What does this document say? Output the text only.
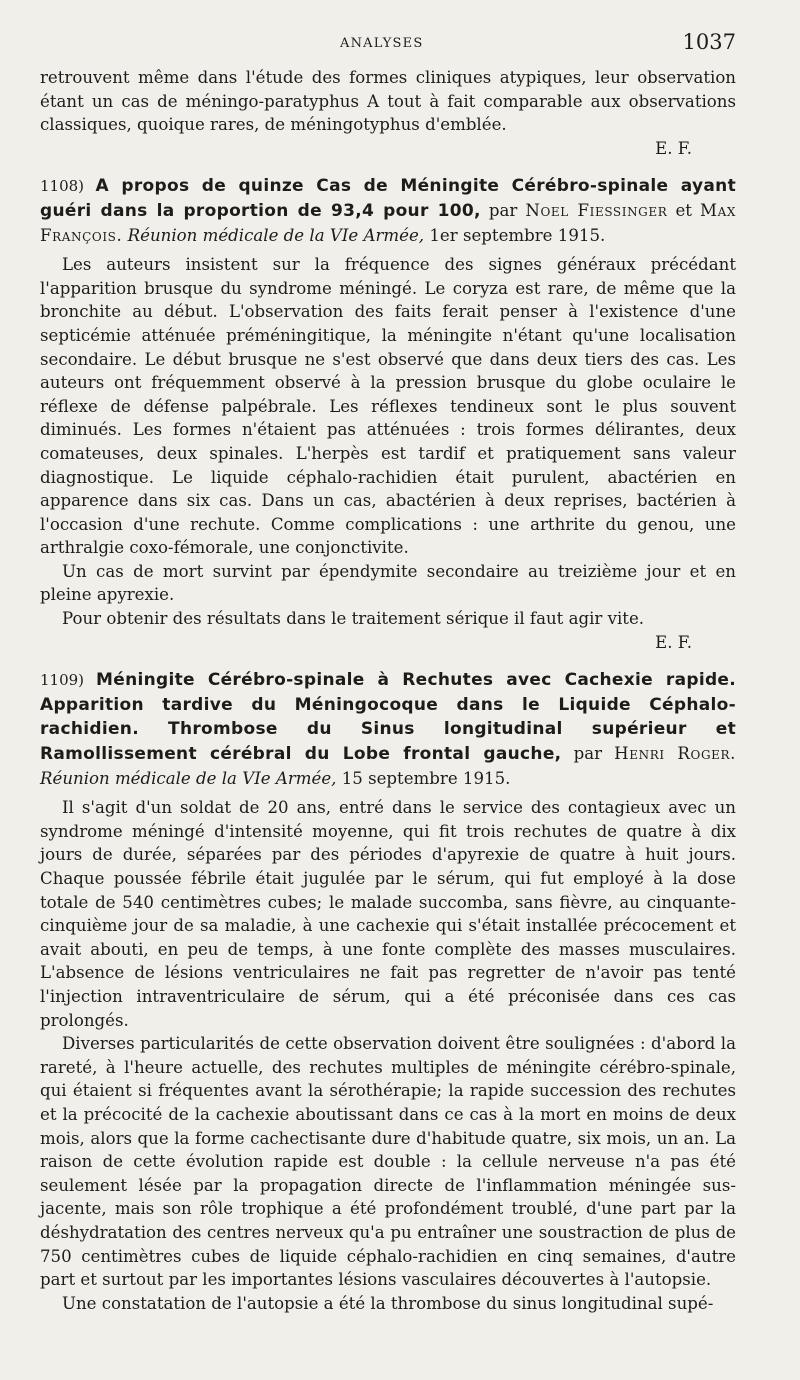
ANALYSES	1037

retrouvent même dans l'étude des formes cliniques atypiques, leur observation étant un cas de méningo-paratyphus A tout à fait comparable aux observations classiques, quoique rares, de méningotyphus d'emblée.

E. F.

1108) A propos de quinze Cas de Méningite Cérébro-spinale ayant guéri dans la proportion de 93,4 pour 100, par Noel Fiessinger et Max François. Réunion médicale de la VIe Armée, 1er septembre 1915.

Les auteurs insistent sur la fréquence des signes généraux précédant l'apparition brusque du syndrome méningé. Le coryza est rare, de même que la bronchite au début. L'observation des faits ferait penser à l'existence d'une septicémie atténuée préméningitique, la méningite n'étant qu'une localisation secondaire. Le début brusque ne s'est observé que dans deux tiers des cas. Les auteurs ont fréquemment observé à la pression brusque du globe oculaire le réflexe de défense palpébrale. Les réflexes tendineux sont le plus souvent diminués. Les formes n'étaient pas atténuées : trois formes délirantes, deux comateuses, deux spinales. L'herpès est tardif et pratiquement sans valeur diagnostique. Le liquide céphalo-rachidien était purulent, abactérien en apparence dans six cas. Dans un cas, abactérien à deux reprises, bactérien à l'occasion d'une rechute. Comme complications : une arthrite du genou, une arthralgie coxo-fémorale, une conjonctivite.

Un cas de mort survint par épendymite secondaire au treizième jour et en pleine apyrexie.

Pour obtenir des résultats dans le traitement sérique il faut agir vite.

E. F.

1109) Méningite Cérébro-spinale à Rechutes avec Cachexie rapide. Apparition tardive du Méningocoque dans le Liquide Céphalo-rachidien. Thrombose du Sinus longitudinal supérieur et Ramollissement cérébral du Lobe frontal gauche, par Henri Roger. Réunion médicale de la VIe Armée, 15 septembre 1915.

Il s'agit d'un soldat de 20 ans, entré dans le service des contagieux avec un syndrome méningé d'intensité moyenne, qui fit trois rechutes de quatre à dix jours de durée, séparées par des périodes d'apyrexie de quatre à huit jours. Chaque poussée fébrile était jugulée par le sérum, qui fut employé à la dose totale de 540 centimètres cubes; le malade succomba, sans fièvre, au cinquante-cinquième jour de sa maladie, à une cachexie qui s'était installée précocement et avait abouti, en peu de temps, à une fonte complète des masses musculaires. L'absence de lésions ventriculaires ne fait pas regretter de n'avoir pas tenté l'injection intraventriculaire de sérum, qui a été préconisée dans ces cas prolongés.

Diverses particularités de cette observation doivent être soulignées : d'abord la rareté, à l'heure actuelle, des rechutes multiples de méningite cérébro-spinale, qui étaient si fréquentes avant la sérothérapie; la rapide succession des rechutes et la précocité de la cachexie aboutissant dans ce cas à la mort en moins de deux mois, alors que la forme cachectisante dure d'habitude quatre, six mois, un an. La raison de cette évolution rapide est double : la cellule nerveuse n'a pas été seulement lésée par la propagation directe de l'inflammation méningée sus-jacente, mais son rôle trophique a été profondément troublé, d'une part par la déshydratation des centres nerveux qu'a pu entraîner une soustraction de plus de 750 centimètres cubes de liquide céphalo-rachidien en cinq semaines, d'autre part et surtout par les importantes lésions vasculaires découvertes à l'autopsie.

Une constatation de l'autopsie a été la thrombose du sinus longitudinal supé-
